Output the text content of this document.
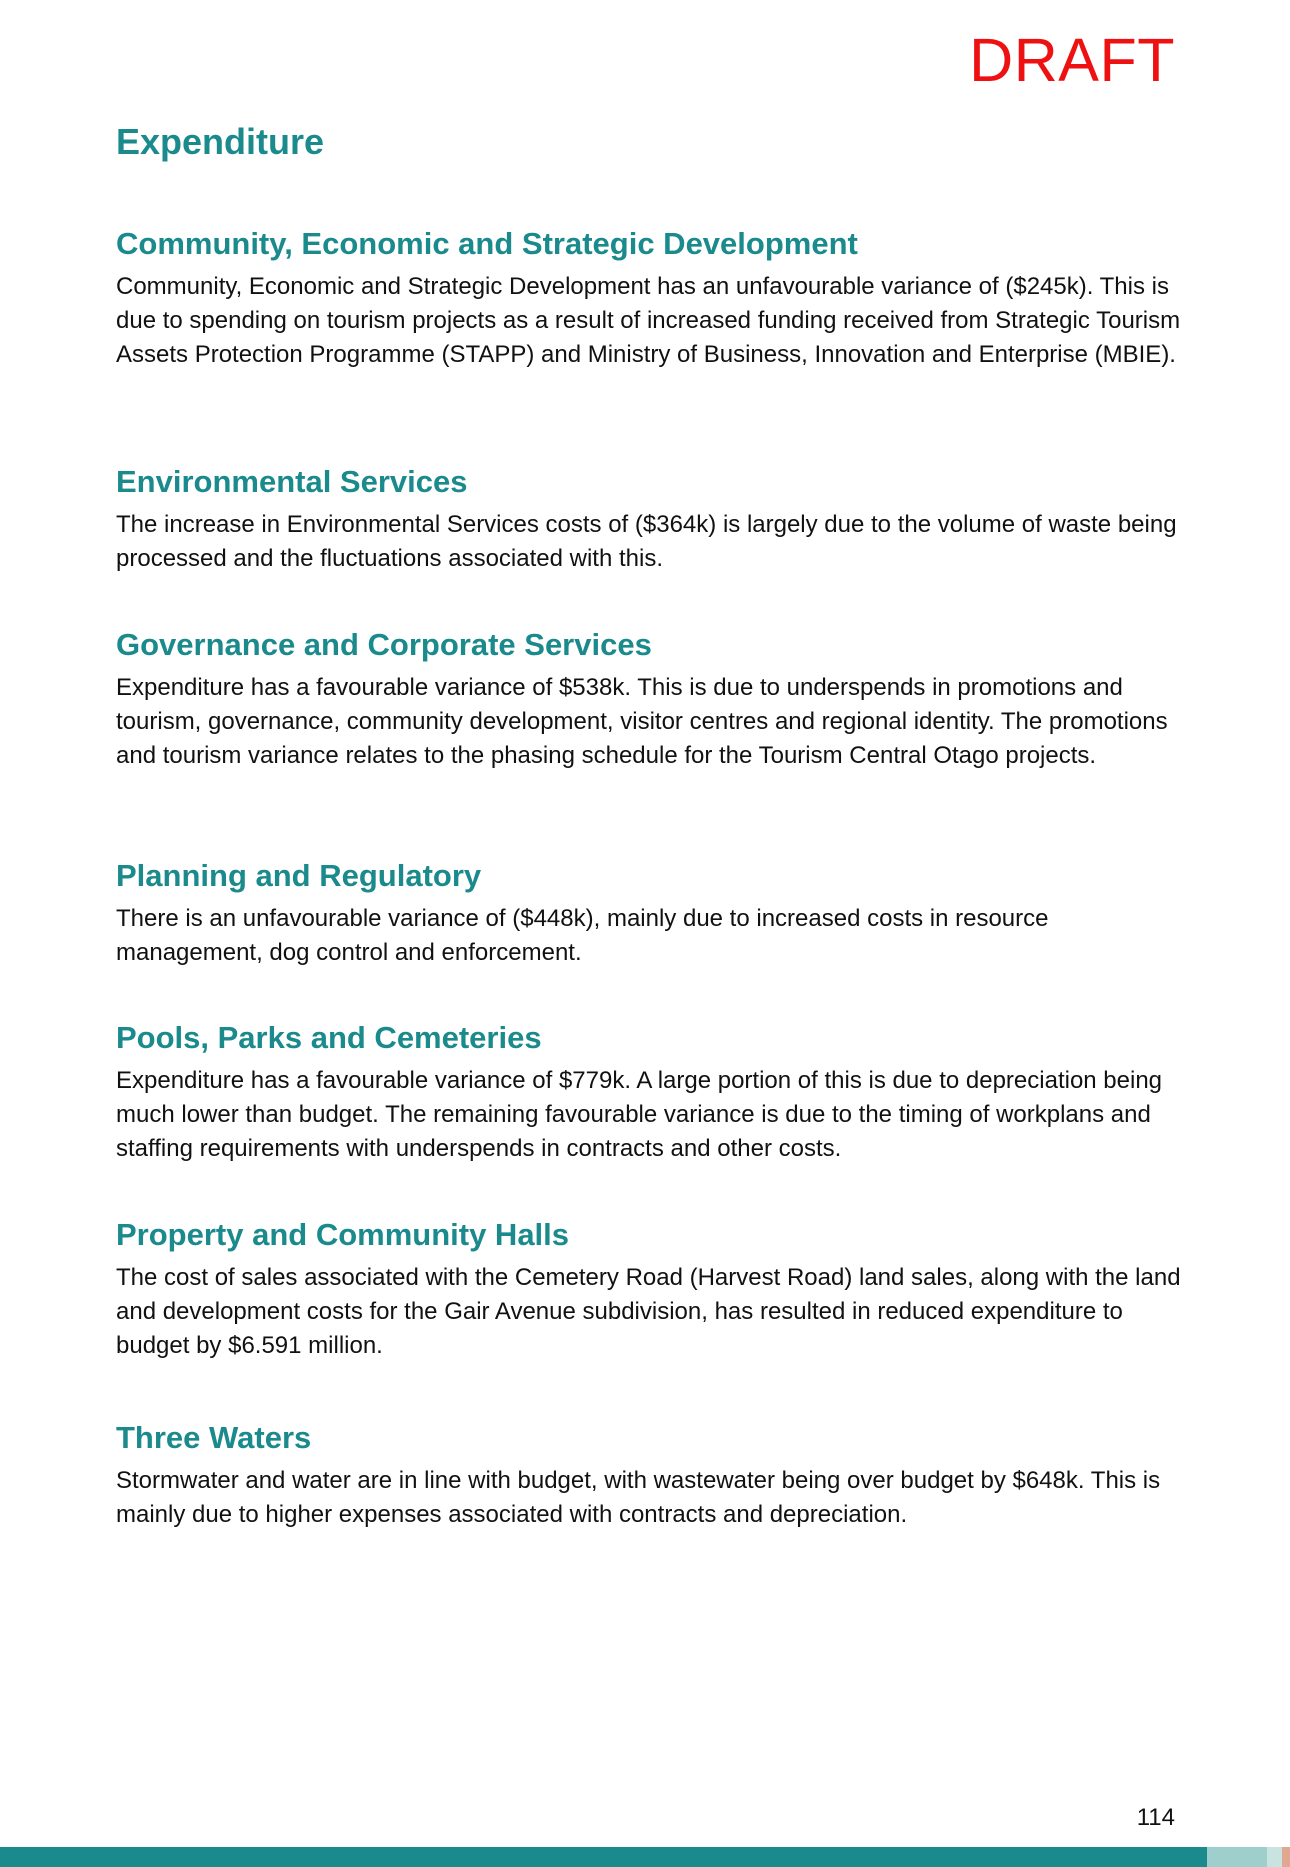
DRAFT
Expenditure
Community, Economic and Strategic Development

Community, Economic and Strategic Development has an unfavourable variance of ($245k). This is due to spending on tourism projects as a result of increased funding received from Strategic Tourism Assets Protection Programme (STAPP) and Ministry of Business, Innovation and Enterprise (MBIE).

Environmental Services

The increase in Environmental Services costs of ($364k) is largely due to the volume of waste being processed and the fluctuations associated with this.

Governance and Corporate Services

Expenditure has a favourable variance of $538k. This is due to underspends in promotions and tourism, governance, community development, visitor centres and regional identity. The promotions and tourism variance relates to the phasing schedule for the Tourism Central Otago projects.

Planning and Regulatory

There is an unfavourable variance of ($448k), mainly due to increased costs in resource management, dog control and enforcement.

Pools, Parks and Cemeteries

Expenditure has a favourable variance of $779k. A large portion of this is due to depreciation being much lower than budget. The remaining favourable variance is due to the timing of workplans and staffing requirements with underspends in contracts and other costs.

Property and Community Halls

The cost of sales associated with the Cemetery Road (Harvest Road) land sales, along with the land and development costs for the Gair Avenue subdivision, has resulted in reduced expenditure to budget by $6.591 million.

Three Waters

Stormwater and water are in line with budget, with wastewater being over budget by $648k. This is mainly due to higher expenses associated with contracts and depreciation.

114
